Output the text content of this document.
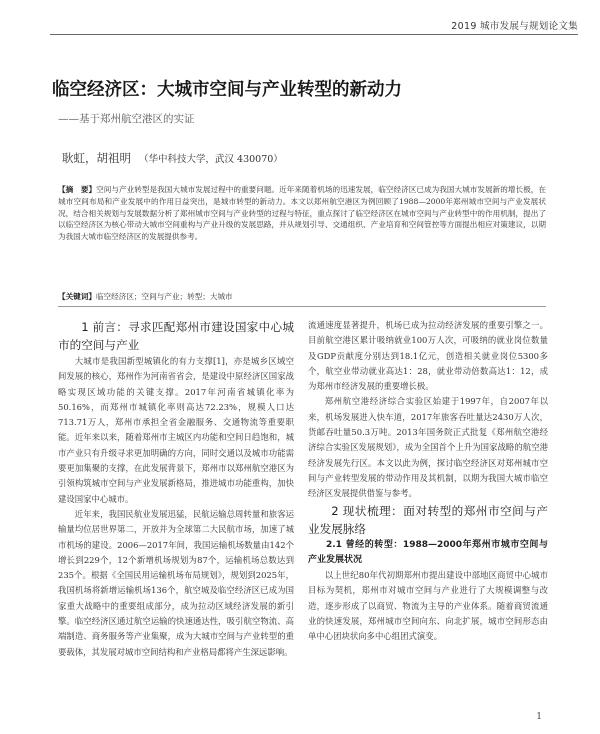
2019 城市发展与规划论文集
临空经济区：大城市空间与产业转型的新动力
——基于郑州航空港区的实证
耿虹，胡祖明 （华中科技大学，武汉 430070）
【摘　要】空间与产业转型是我国大城市发展过程中的重要问题。近年来随着机场的迅速发展，临空经济区已成为我国大城市发展新的增长极，在城市空间布局和产业发展中的作用日益突出，是城市转型的新动力。本文以郑州航空港区为例回顾了1988—2000年郑州城市空间与产业发展状况，结合相关规划与发展数据分析了郑州城市空间与产业转型的过程与特征，重点探讨了临空经济区在城市空间与产业转型中的作用机制，提出了以临空经济区为核心带动大城市空间重构与产业升级的发展思路，并从规划引导、交通组织、产业培育和空间管控等方面提出相应对策建议，以期为我国大城市临空经济区的发展提供参考。
【关键词】临空经济区；空间与产业；转型；大城市

1 前言：寻求匹配郑州市建设国家中心城市的空间与产业

大城市是我国新型城镇化的有力支撑[1]，亦是城乡区域空间发展的核心，郑州作为河南省省会，是建设中原经济区国家战略实现区域功能的关键支撑。2017年河南省城镇化率为50.16%，而郑州市城镇化率则高达72.23%，规模人口达713.71万人，郑州市承担全省金融服务、交通物流等重要职能。近年来以来，随着郑州市主城区内功能和空间日趋饱和，城市产业只有升级寻求更加明确的方向，同时交通以及城市功能需要更加集聚的支撑，在此发展背景下，郑州市以郑州航空港区为引领构筑城市空间与产业发展新格局，推进城市功能重构，加快建设国家中心城市。

近年来，我国民航业发展迅猛，民航运输总周转量和旅客运输量均位居世界第二，开放并为全球第二大民航市场，加速了城市机场的建设。2006—2017年间，我国运输机场数量由142个增长到229个，12个新增机场规划为87个，运输机场总数达到235个。根据《全国民用运输机场布局规划》，规划到2025年，我国机场将新增运输机场136个，航空城及临空经济区已成为国家重大战略中的重要组成部分，成为拉动区域经济发展的新引擎。临空经济区通过航空运输的快速通达性，吸引航空物流、高端制造、商务服务等产业集聚，成为大城市空间与产业转型的重要载体，其发展对城市空间结构和产业格局都将产生深远影响。

流通速度显著提升，机场已成为拉动经济发展的重要引擎之一。目前航空港区累计吸纳就业100万人次，可吸纳的就业岗位数量及GDP贡献度分别达到18.1亿元，创造相关就业岗位5300多个，航空业带动就业高达1：28，就业带动倍数高达1：12，成为郑州市经济发展的重要增长极。

郑州航空港经济综合实验区始建于1997年，自2007年以来，机场发展进入快车道，2017年旅客吞吐量达2430万人次，货邮吞吐量50.3万吨。2013年国务院正式批复《郑州航空港经济综合实验区发展规划》，成为全国首个上升为国家战略的航空港经济发展先行区。本文以此为例，探讨临空经济区对郑州城市空间与产业转型发展的带动作用及其机制，以期为我国大城市临空经济区发展提供借鉴与参考。

2 现状梳理：面对转型的郑州市空间与产业发展脉络

2.1 曾经的转型：1988—2000年郑州市城市空间与产业发展状况

以上世纪80年代初期郑州市提出建设中部地区商贸中心城市目标为契机，郑州市对城市空间与产业进行了大规模调整与改造，逐步形成了以商贸、物流为主导的产业体系。随着商贸流通业的快速发展，郑州城市空间向东、向北扩展，城市空间形态由单中心团块状向多中心组团式演变。

1
